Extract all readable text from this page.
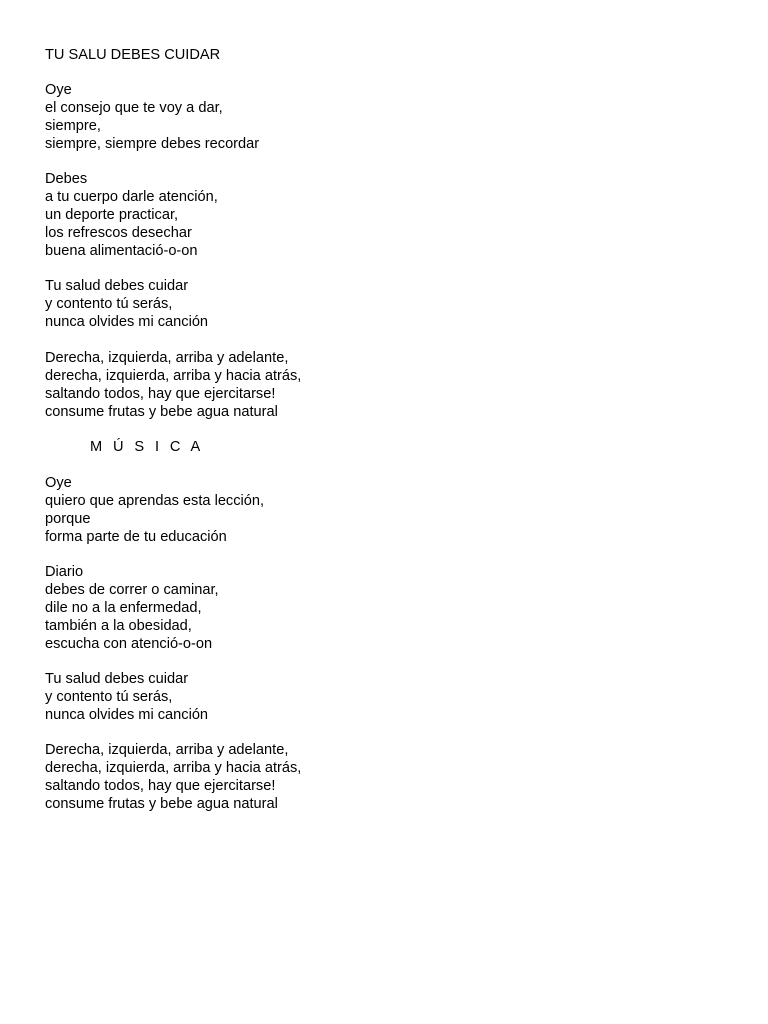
TU SALU DEBES CUIDAR
Oye
el consejo que te voy a dar,
siempre,
siempre, siempre debes recordar
Debes
a tu cuerpo darle atención,
un deporte practicar,
los refrescos desechar
buena alimentació-o-on
Tu salud debes cuidar
y contento tú serás,
nunca olvides mi canción
Derecha, izquierda, arriba y adelante,
derecha, izquierda, arriba y hacia atrás,
saltando todos, hay que ejercitarse!
consume frutas y bebe agua natural
M Ú S I C A
Oye
quiero que aprendas esta lección,
porque
forma parte de tu educación
Diario
debes de correr o caminar,
dile no a la enfermedad,
también a la obesidad,
escucha con atenció-o-on
Tu salud debes cuidar
y contento tú serás,
nunca olvides mi canción
Derecha, izquierda, arriba y adelante,
derecha, izquierda, arriba y hacia atrás,
saltando todos, hay que ejercitarse!
consume frutas y bebe agua natural
